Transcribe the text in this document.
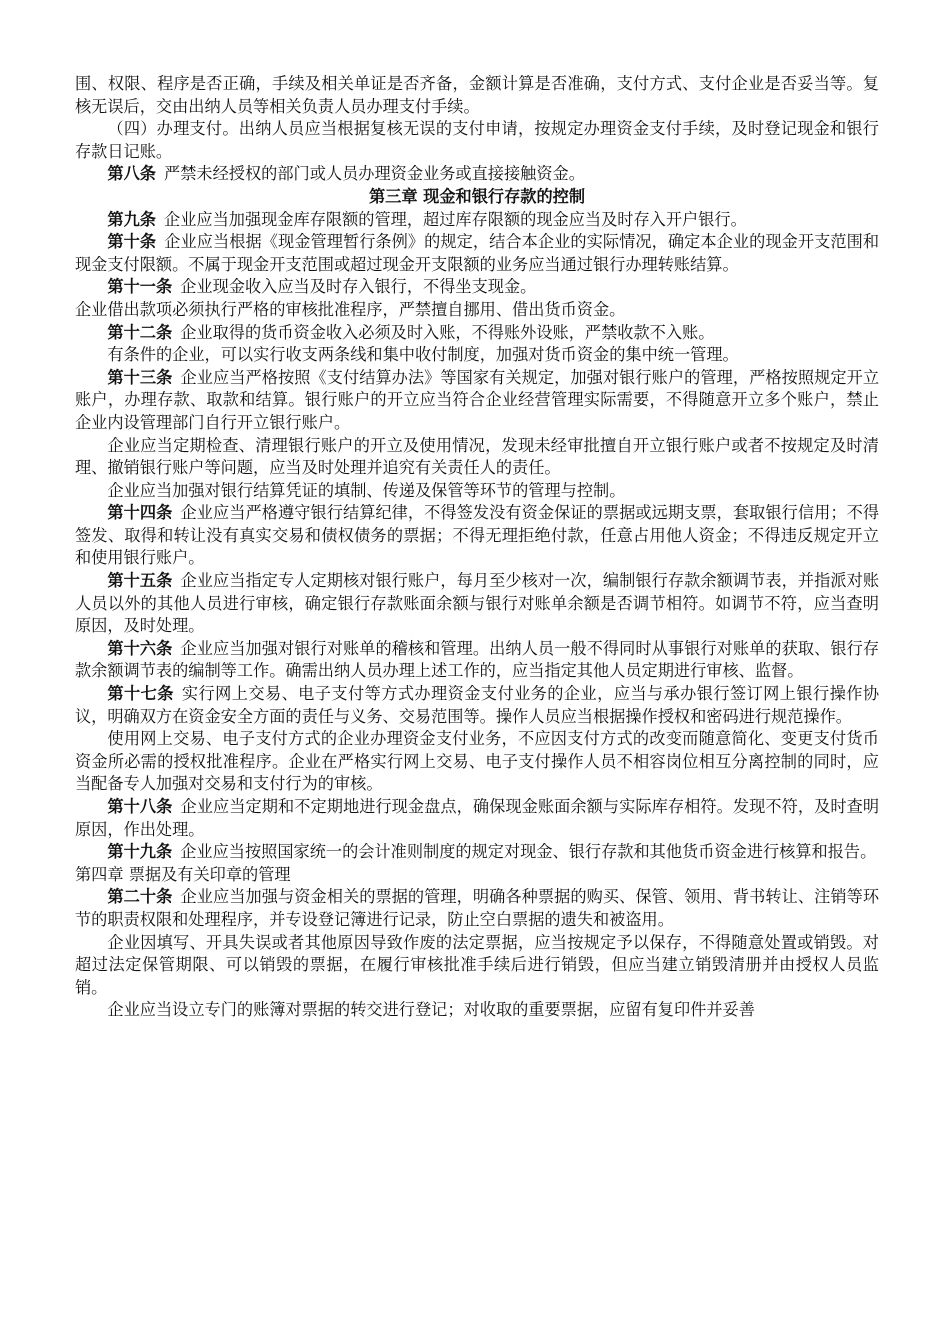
围、权限、程序是否正确，手续及相关单证是否齐备，金额计算是否准确，支付方式、支付企业是否妥当等。复核无误后，交由出纳人员等相关负责人员办理支付手续。

（四）办理支付。出纳人员应当根据复核无误的支付申请，按规定办理资金支付手续，及时登记现金和银行存款日记账。

第八条 严禁未经授权的部门或人员办理资金业务或直接接触资金。

第三章 现金和银行存款的控制

第九条 企业应当加强现金库存限额的管理，超过库存限额的现金应当及时存入开户银行。

第十条 企业应当根据《现金管理暂行条例》的规定，结合本企业的实际情况，确定本企业的现金开支范围和现金支付限额。不属于现金开支范围或超过现金开支限额的业务应当通过银行办理转账结算。

第十一条 企业现金收入应当及时存入银行，不得坐支现金。

企业借出款项必须执行严格的审核批准程序，严禁擅自挪用、借出货币资金。

第十二条 企业取得的货币资金收入必须及时入账，不得账外设账，严禁收款不入账。

有条件的企业，可以实行收支两条线和集中收付制度，加强对货币资金的集中统一管理。

第十三条 企业应当严格按照《支付结算办法》等国家有关规定，加强对银行账户的管理，严格按照规定开立账户，办理存款、取款和结算。银行账户的开立应当符合企业经营管理实际需要，不得随意开立多个账户，禁止企业内设管理部门自行开立银行账户。

企业应当定期检查、清理银行账户的开立及使用情况，发现未经审批擅自开立银行账户或者不按规定及时清理、撤销银行账户等问题，应当及时处理并追究有关责任人的责任。

企业应当加强对银行结算凭证的填制、传递及保管等环节的管理与控制。

第十四条 企业应当严格遵守银行结算纪律，不得签发没有资金保证的票据或远期支票，套取银行信用；不得签发、取得和转让没有真实交易和债权债务的票据；不得无理拒绝付款，任意占用他人资金；不得违反规定开立和使用银行账户。

第十五条 企业应当指定专人定期核对银行账户，每月至少核对一次，编制银行存款余额调节表，并指派对账人员以外的其他人员进行审核，确定银行存款账面余额与银行对账单余额是否调节相符。如调节不符，应当查明原因，及时处理。

第十六条 企业应当加强对银行对账单的稽核和管理。出纳人员一般不得同时从事银行对账单的获取、银行存款余额调节表的编制等工作。确需出纳人员办理上述工作的，应当指定其他人员定期进行审核、监督。

第十七条 实行网上交易、电子支付等方式办理资金支付业务的企业，应当与承办银行签订网上银行操作协议，明确双方在资金安全方面的责任与义务、交易范围等。操作人员应当根据操作授权和密码进行规范操作。

使用网上交易、电子支付方式的企业办理资金支付业务，不应因支付方式的改变而随意简化、变更支付货币资金所必需的授权批准程序。企业在严格实行网上交易、电子支付操作人员不相容岗位相互分离控制的同时，应当配备专人加强对交易和支付行为的审核。

第十八条 企业应当定期和不定期地进行现金盘点，确保现金账面余额与实际库存相符。发现不符，及时查明原因，作出处理。

第十九条 企业应当按照国家统一的会计准则制度的规定对现金、银行存款和其他货币资金进行核算和报告。

第四章 票据及有关印章的管理

第二十条 企业应当加强与资金相关的票据的管理，明确各种票据的购买、保管、领用、背书转让、注销等环节的职责权限和处理程序，并专设登记簿进行记录，防止空白票据的遗失和被盗用。

企业因填写、开具失误或者其他原因导致作废的法定票据，应当按规定予以保存，不得随意处置或销毁。对超过法定保管期限、可以销毁的票据，在履行审核批准手续后进行销毁，但应当建立销毁清册并由授权人员监销。

企业应当设立专门的账簿对票据的转交进行登记；对收取的重要票据，应留有复印件并妥善
